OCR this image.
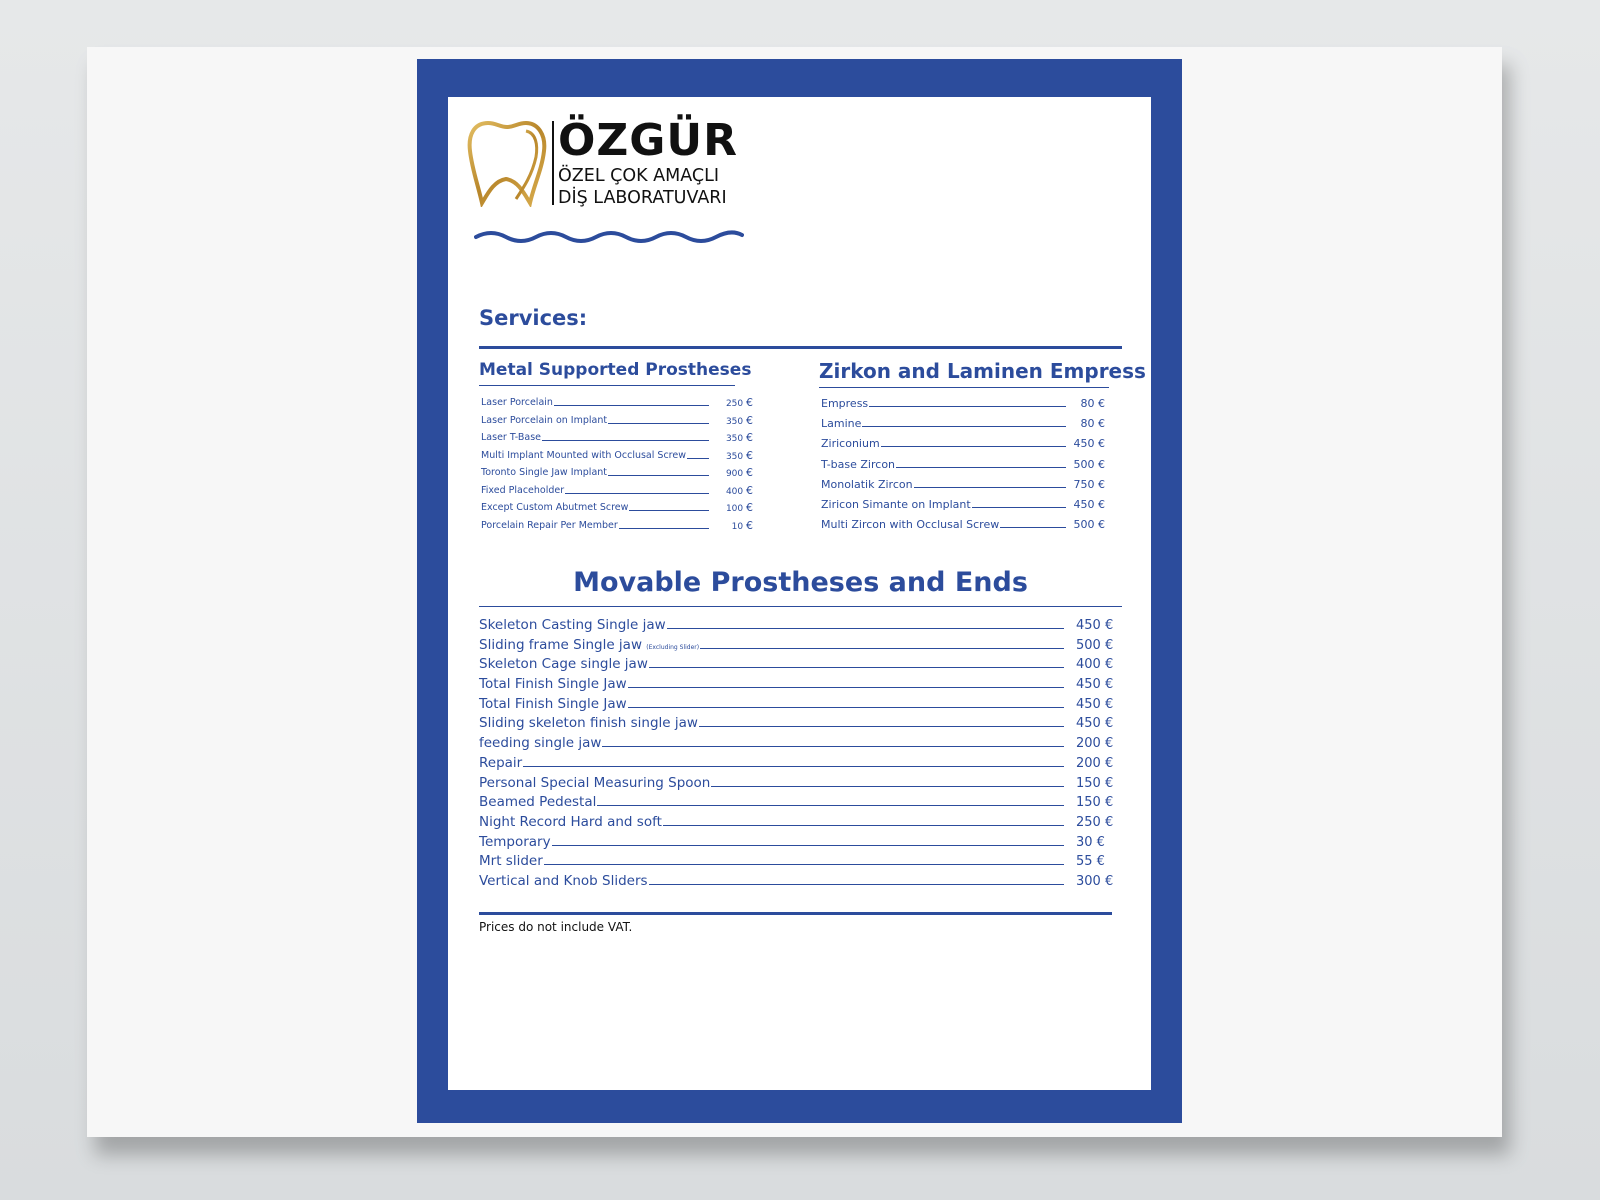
ÖZGÜR
ÖZEL ÇOK AMAÇLI
DİŞ LABORATUVARI
Services:
Metal Supported Prostheses
Laser Porcelain	250 €
Laser Porcelain on Implant	350 €
Laser T-Base	350 €
Multi Implant Mounted with Occlusal Screw	350 €
Toronto Single Jaw Implant	900 €
Fixed Placeholder	400 €
Except Custom Abutmet Screw	100 €
Porcelain Repair Per Member	10 €
Zirkon and Laminen Empress
Empress	80 €
Lamine	80 €
Ziriconium	450 €
T-base Zircon	500 €
Monolatik Zircon	750 €
Ziricon Simante on Implant	450 €
Multi Zircon with Occlusal Screw	500 €
Movable Prostheses and Ends
Skeleton Casting Single jaw	450 €
Sliding frame Single jaw (Excluding Slider)	500 €
Skeleton Cage single jaw	400 €
Total Finish Single Jaw	450 €
Total Finish Single Jaw	450 €
Sliding skeleton finish single jaw	450 €
feeding single jaw	200 €
Repair	200 €
Personal Special Measuring Spoon	150 €
Beamed Pedestal	150 €
Night Record Hard and soft	250 €
Temporary	30 €
Mrt slider	55 €
Vertical and Knob Sliders	300 €
Prices do not include VAT.
